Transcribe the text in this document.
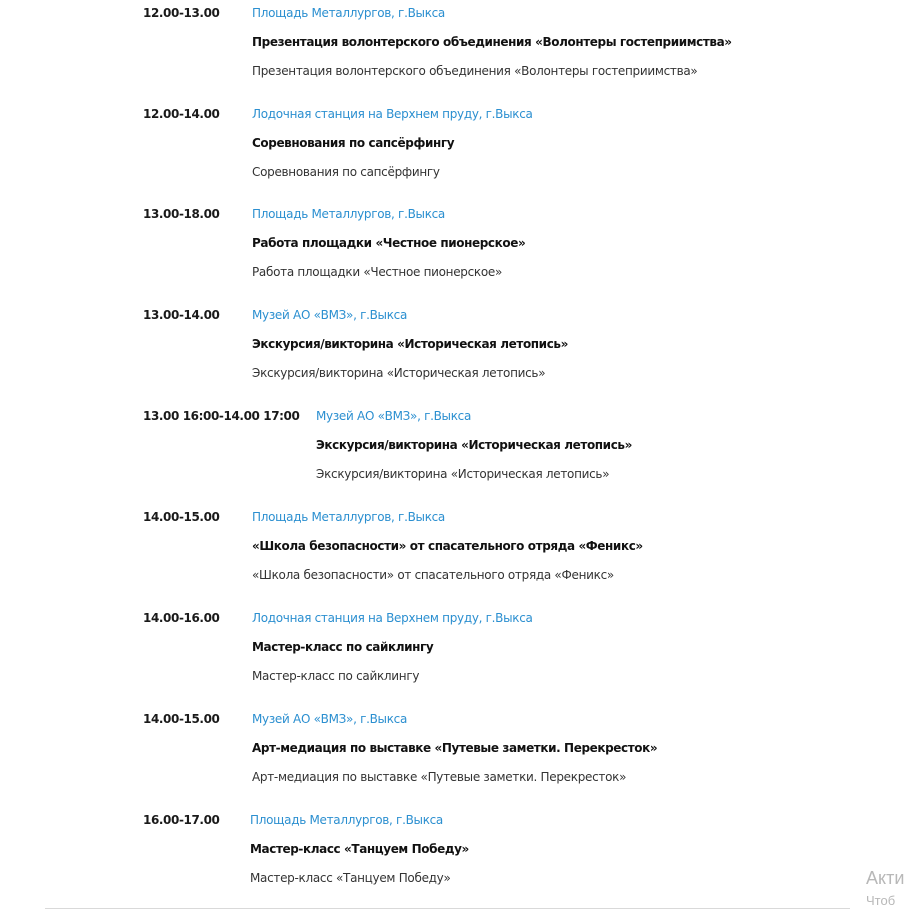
12.00-13.00	Площадь Металлургов, г.Выкса
Презентация волонтерского объединения «Волонтеры гостеприимства»
Презентация волонтерского объединения «Волонтеры гостеприимства»
12.00-14.00	Лодочная станция на Верхнем пруду, г.Выкса
Соревнования по сапсёрфингу
Соревнования по сапсёрфингу
13.00-18.00	Площадь Металлургов, г.Выкса
Работа площадки «Честное пионерское»
Работа площадки «Честное пионерское»
13.00-14.00	Музей АО «ВМЗ», г.Выкса
Экскурсия/викторина «Историческая летопись»
Экскурсия/викторина «Историческая летопись»
13.00 16:00-14.00 17:00 Музей АО «ВМЗ», г.Выкса
Экскурсия/викторина «Историческая летопись»
Экскурсия/викторина «Историческая летопись»
14.00-15.00	Площадь Металлургов, г.Выкса
«Школа безопасности» от спасательного отряда «Феникс»
«Школа безопасности» от спасательного отряда «Феникс»
14.00-16.00	Лодочная станция на Верхнем пруду, г.Выкса
Мастер-класс по сайклингу
Мастер-класс по сайклингу
14.00-15.00	Музей АО «ВМЗ», г.Выкса
Арт-медиация по выставке «Путевые заметки. Перекресток»
Арт-медиация по выставке «Путевые заметки. Перекресток»
16.00-17.00	Площадь Металлургов, г.Выкса
Мастер-класс «Танцуем Победу»
Мастер-класс «Танцуем Победу»	Акти
Чтоб
